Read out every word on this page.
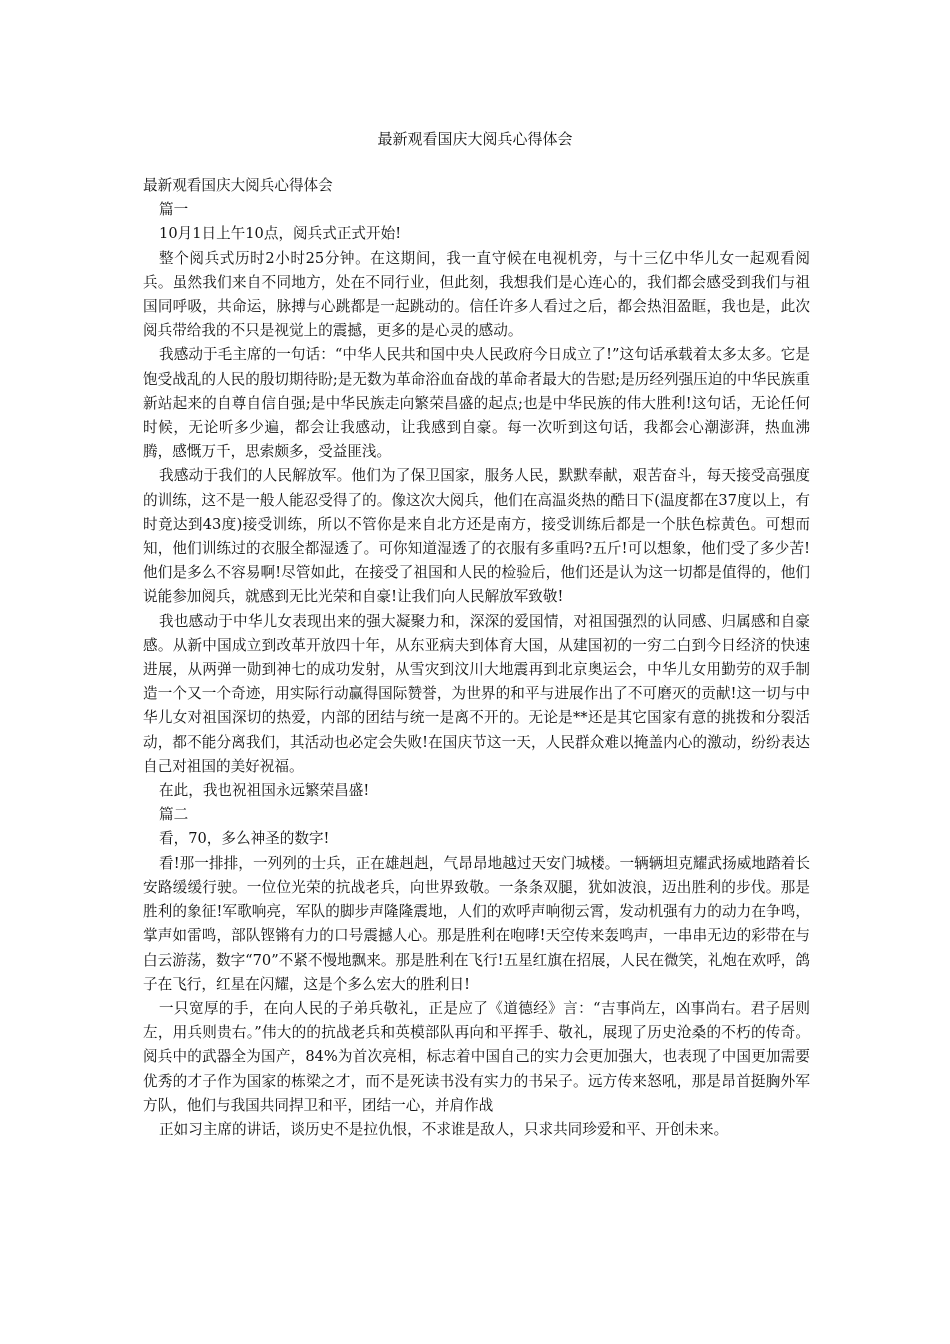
最新观看国庆大阅兵心得体会

最新观看国庆大阅兵心得体会

篇一

10月1日上午10点，阅兵式正式开始!

整个阅兵式历时2小时25分钟。在这期间，我一直守候在电视机旁，与十三亿中华儿女一起观看阅兵。虽然我们来自不同地方，处在不同行业，但此刻，我想我们是心连心的，我们都会感受到我们与祖国同呼吸，共命运，脉搏与心跳都是一起跳动的。信任许多人看过之后，都会热泪盈眶，我也是，此次阅兵带给我的不只是视觉上的震撼，更多的是心灵的感动。

我感动于毛主席的一句话：“中华人民共和国中央人民政府今日成立了!”这句话承载着太多太多。它是饱受战乱的人民的殷切期待盼;是无数为革命浴血奋战的革命者最大的告慰;是历经列强压迫的中华民族重新站起来的自尊自信自强;是中华民族走向繁荣昌盛的起点;也是中华民族的伟大胜利!这句话，无论任何时候，无论听多少遍，都会让我感动，让我感到自豪。每一次听到这句话，我都会心潮澎湃，热血沸腾，感慨万千，思索颇多，受益匪浅。

我感动于我们的人民解放军。他们为了保卫国家，服务人民，默默奉献，艰苦奋斗，每天接受高强度的训练，这不是一般人能忍受得了的。像这次大阅兵，他们在高温炎热的酷日下(温度都在37度以上，有时竟达到43度)接受训练，所以不管你是来自北方还是南方，接受训练后都是一个肤色棕黄色。可想而知，他们训练过的衣服全都湿透了。可你知道湿透了的衣服有多重吗?五斤!可以想象，他们受了多少苦!他们是多么不容易啊!尽管如此，在接受了祖国和人民的检验后，他们还是认为这一切都是值得的，他们说能参加阅兵，就感到无比光荣和自豪!让我们向人民解放军致敬!

我也感动于中华儿女表现出来的强大凝聚力和，深深的爱国情，对祖国强烈的认同感、归属感和自豪感。从新中国成立到改革开放四十年，从东亚病夫到体育大国，从建国初的一穷二白到今日经济的快速进展，从两弹一勋到神七的成功发射，从雪灾到汶川大地震再到北京奥运会，中华儿女用勤劳的双手制造一个又一个奇迹，用实际行动赢得国际赞誉，为世界的和平与进展作出了不可磨灭的贡献!这一切与中华儿女对祖国深切的热爱，内部的团结与统一是离不开的。无论是**还是其它国家有意的挑拨和分裂活动，都不能分离我们，其活动也必定会失败!在国庆节这一天，人民群众难以掩盖内心的激动，纷纷表达自己对祖国的美好祝福。

在此，我也祝祖国永远繁荣昌盛!

篇二

看，70，多么神圣的数字!

看!那一排排，一列列的士兵，正在雄赳赳，气昂昂地越过天安门城楼。一辆辆坦克耀武扬威地踏着长安路缓缓行驶。一位位光荣的抗战老兵，向世界致敬。一条条双腿，犹如波浪，迈出胜利的步伐。那是胜利的象征!军歌响亮，军队的脚步声隆隆震地，人们的欢呼声响彻云霄，发动机强有力的动力在争鸣，掌声如雷鸣，部队铿锵有力的口号震撼人心。那是胜利在咆哮!天空传来轰鸣声，一串串无边的彩带在与白云游荡，数字“70”不紧不慢地飘来。那是胜利在飞行!五星红旗在招展，人民在微笑，礼炮在欢呼，鸽子在飞行，红星在闪耀，这是个多么宏大的胜利日!

一只宽厚的手，在向人民的子弟兵敬礼，正是应了《道德经》言：“吉事尚左，凶事尚右。君子居则左，用兵则贵右。”伟大的的抗战老兵和英模部队再向和平挥手、敬礼，展现了历史沧桑的不朽的传奇。阅兵中的武器全为国产，84%为首次亮相，标志着中国自己的实力会更加强大，也表现了中国更加需要优秀的才子作为国家的栋梁之才，而不是死读书没有实力的书呆子。远方传来怒吼，那是昂首挺胸外军方队，他们与我国共同捍卫和平，团结一心，并肩作战

正如习主席的讲话，谈历史不是拉仇恨，不求谁是敌人，只求共同珍爱和平、开创未来。
